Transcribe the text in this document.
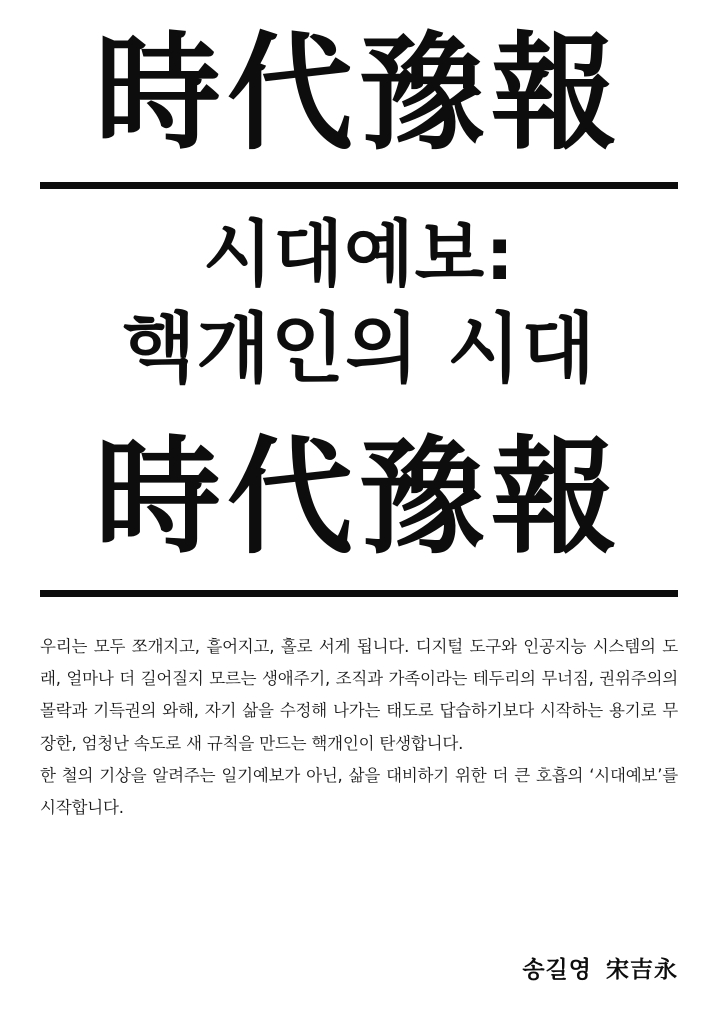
時代豫報
시대예보:
핵개인의 시대
時代豫報

우리는 모두 쪼개지고, 흩어지고, 홀로 서게 됩니다. 디지털 도구와 인공지능 시스템의 도래, 얼마나 더 길어질지 모르는 생애주기, 조직과 가족이라는 테두리의 무너짐, 권위주의의 몰락과 기득권의 와해, 자기 삶을 수정해 나가는 태도로 답습하기보다 시작하는 용기로 무장한, 엄청난 속도로 새 규칙을 만드는 핵개인이 탄생합니다.

한 철의 기상을 알려주는 일기예보가 아닌, 삶을 대비하기 위한 더 큰 호흡의 ‘시대예보’를 시작합니다.

송길영 宋吉永
